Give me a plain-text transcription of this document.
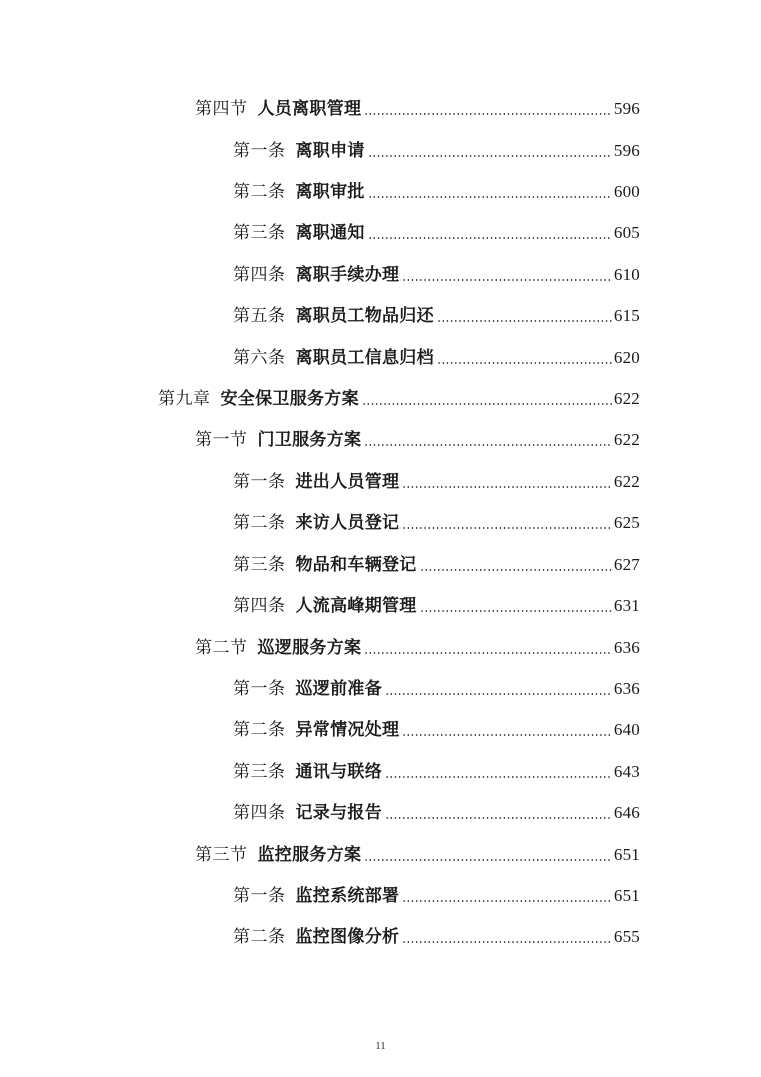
第四节 人员离职管理	596
第一条 离职申请	596
第二条 离职审批	600
第三条 离职通知	605
第四条 离职手续办理	610
第五条 离职员工物品归还	615
第六条 离职员工信息归档	620
第九章 安全保卫服务方案	622
第一节 门卫服务方案	622
第一条 进出人员管理	622
第二条 来访人员登记	625
第三条 物品和车辆登记	627
第四条 人流高峰期管理	631
第二节 巡逻服务方案	636
第一条 巡逻前准备	636
第二条 异常情况处理	640
第三条 通讯与联络	643
第四条 记录与报告	646
第三节 监控服务方案	651
第一条 监控系统部署	651
第二条 监控图像分析	655
11
